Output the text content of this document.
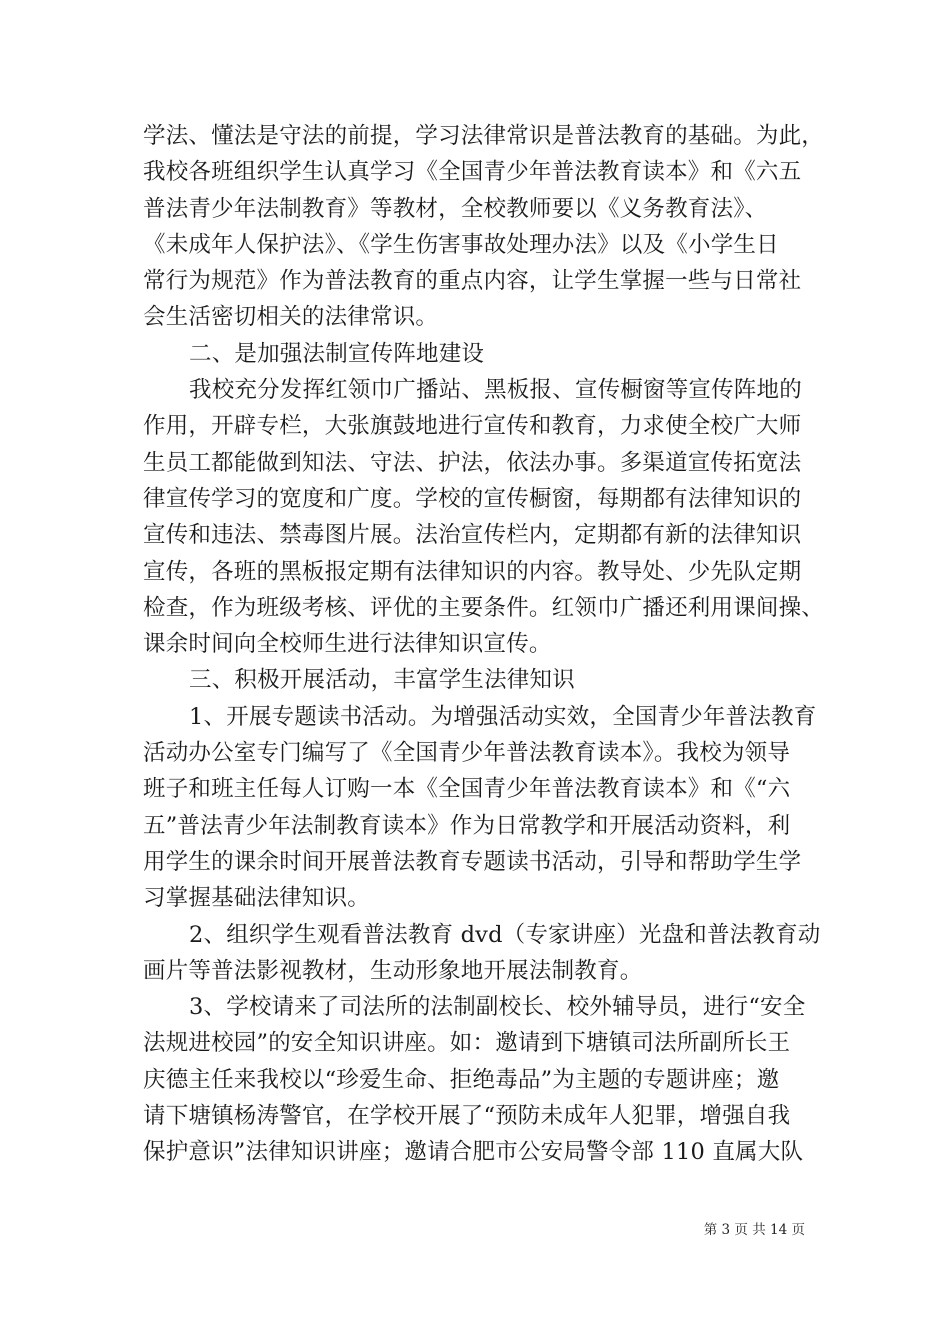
学法、懂法是守法的前提，学习法律常识是普法教育的基础。为此，
我校各班组织学生认真学习《全国青少年普法教育读本》和《六五
普法青少年法制教育》等教材，全校教师要以《义务教育法》、
《未成年人保护法》、《学生伤害事故处理办法》以及《小学生日
常行为规范》作为普法教育的重点内容，让学生掌握一些与日常社
会生活密切相关的法律常识。
二、是加强法制宣传阵地建设
我校充分发挥红领巾广播站、黑板报、宣传橱窗等宣传阵地的
作用，开辟专栏，大张旗鼓地进行宣传和教育，力求使全校广大师
生员工都能做到知法、守法、护法，依法办事。多渠道宣传拓宽法
律宣传学习的宽度和广度。学校的宣传橱窗，每期都有法律知识的
宣传和违法、禁毒图片展。法治宣传栏内，定期都有新的法律知识
宣传，各班的黑板报定期有法律知识的内容。教导处、少先队定期
检查，作为班级考核、评优的主要条件。红领巾广播还利用课间操、
课余时间向全校师生进行法律知识宣传。
三、积极开展活动，丰富学生法律知识
1、开展专题读书活动。为增强活动实效，全国青少年普法教育
活动办公室专门编写了《全国青少年普法教育读本》。我校为领导
班子和班主任每人订购一本《全国青少年普法教育读本》和《“六
五”普法青少年法制教育读本》作为日常教学和开展活动资料，利
用学生的课余时间开展普法教育专题读书活动，引导和帮助学生学
习掌握基础法律知识。
2、组织学生观看普法教育 dvd（专家讲座）光盘和普法教育动
画片等普法影视教材，生动形象地开展法制教育。
3、学校请来了司法所的法制副校长、校外辅导员，进行“安全
法规进校园”的安全知识讲座。如：邀请到下塘镇司法所副所长王
庆德主任来我校以“珍爱生命、拒绝毒品”为主题的专题讲座；邀
请下塘镇杨涛警官，在学校开展了“预防未成年人犯罪，增强自我
保护意识”法律知识讲座；邀请合肥市公安局警令部 110 直属大队
第 3 页 共 14 页
